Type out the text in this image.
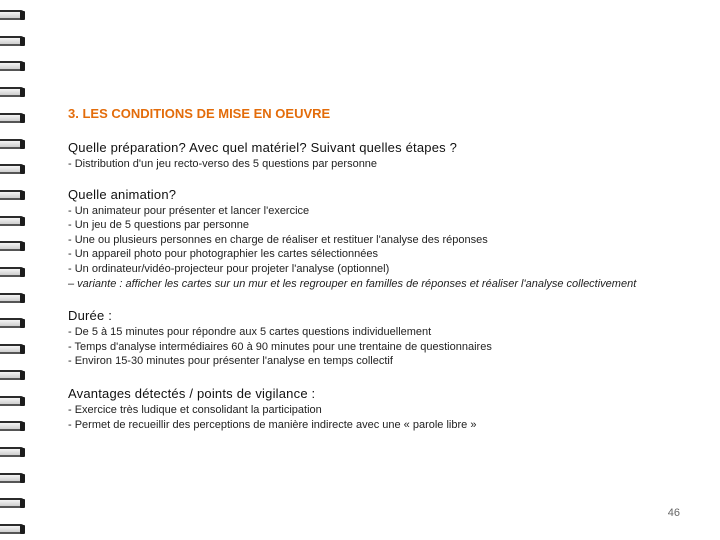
3. LES CONDITIONS DE MISE EN OEUVRE
Quelle préparation? Avec quel matériel? Suivant quelles étapes ?
- Distribution d'un jeu recto-verso des 5 questions par personne
Quelle animation?
- Un animateur pour présenter et lancer l'exercice
- Un jeu de 5 questions par personne
- Une ou plusieurs personnes en charge de réaliser et restituer l'analyse des réponses
- Un appareil photo pour photographier les cartes sélectionnées
- Un ordinateur/vidéo-projecteur pour projeter l'analyse (optionnel)
– variante : afficher les cartes sur un mur et les regrouper en familles de réponses et réaliser l'analyse collectivement
Durée :
- De 5 à 15 minutes pour répondre aux 5 cartes questions individuellement
- Temps d'analyse intermédiaires 60 à 90 minutes pour une trentaine de questionnaires
- Environ 15-30 minutes pour présenter l'analyse en temps collectif
Avantages détectés / points de vigilance :
- Exercice très ludique et consolidant la participation
- Permet de recueillir des perceptions de manière indirecte avec une « parole libre »
46
